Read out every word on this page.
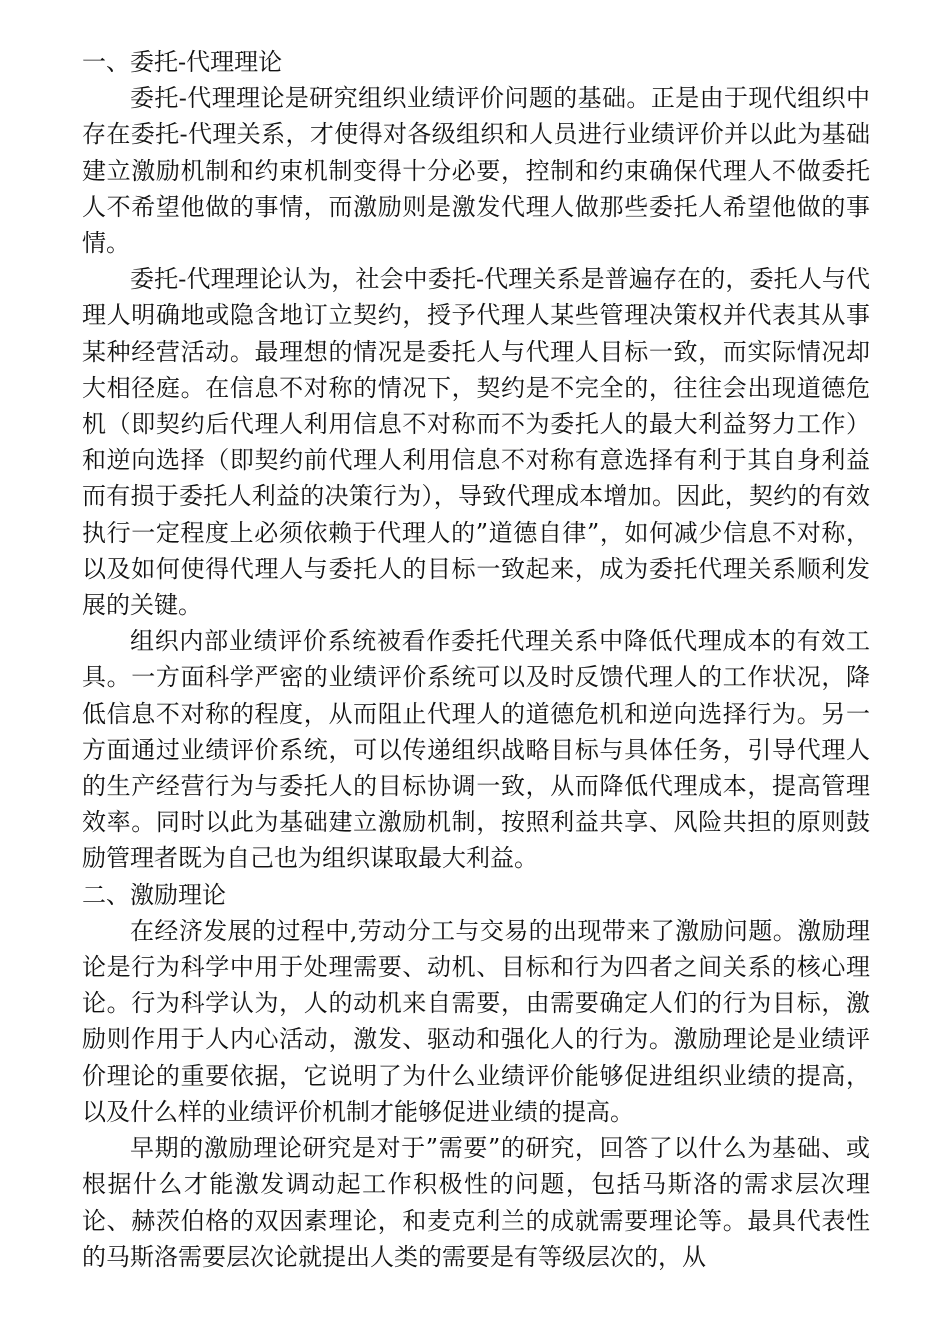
一、委托-代理理论

委托-代理理论是研究组织业绩评价问题的基础。正是由于现代组织中存在委托-代理关系，才使得对各级组织和人员进行业绩评价并以此为基础建立激励机制和约束机制变得十分必要，控制和约束确保代理人不做委托人不希望他做的事情，而激励则是激发代理人做那些委托人希望他做的事情。

委托-代理理论认为，社会中委托-代理关系是普遍存在的，委托人与代理人明确地或隐含地订立契约，授予代理人某些管理决策权并代表其从事某种经营活动。最理想的情况是委托人与代理人目标一致，而实际情况却大相径庭。在信息不对称的情况下，契约是不完全的，往往会出现道德危机（即契约后代理人利用信息不对称而不为委托人的最大利益努力工作）和逆向选择（即契约前代理人利用信息不对称有意选择有利于其自身利益而有损于委托人利益的决策行为），导致代理成本增加。因此，契约的有效执行一定程度上必须依赖于代理人的”道德自律”，如何减少信息不对称，以及如何使得代理人与委托人的目标一致起来，成为委托代理关系顺利发展的关键。

组织内部业绩评价系统被看作委托代理关系中降低代理成本的有效工具。一方面科学严密的业绩评价系统可以及时反馈代理人的工作状况，降低信息不对称的程度，从而阻止代理人的道德危机和逆向选择行为。另一方面通过业绩评价系统，可以传递组织战略目标与具体任务，引导代理人的生产经营行为与委托人的目标协调一致，从而降低代理成本，提高管理效率。同时以此为基础建立激励机制，按照利益共享、风险共担的原则鼓励管理者既为自己也为组织谋取最大利益。

二、激励理论

在经济发展的过程中,劳动分工与交易的出现带来了激励问题。激励理论是行为科学中用于处理需要、动机、目标和行为四者之间关系的核心理论。行为科学认为，人的动机来自需要，由需要确定人们的行为目标，激励则作用于人内心活动，激发、驱动和强化人的行为。激励理论是业绩评价理论的重要依据，它说明了为什么业绩评价能够促进组织业绩的提高，以及什么样的业绩评价机制才能够促进业绩的提高。

早期的激励理论研究是对于”需要”的研究，回答了以什么为基础、或根据什么才能激发调动起工作积极性的问题，包括马斯洛的需求层次理论、赫茨伯格的双因素理论，和麦克利兰的成就需要理论等。最具代表性的马斯洛需要层次论就提出人类的需要是有等级层次的，从
